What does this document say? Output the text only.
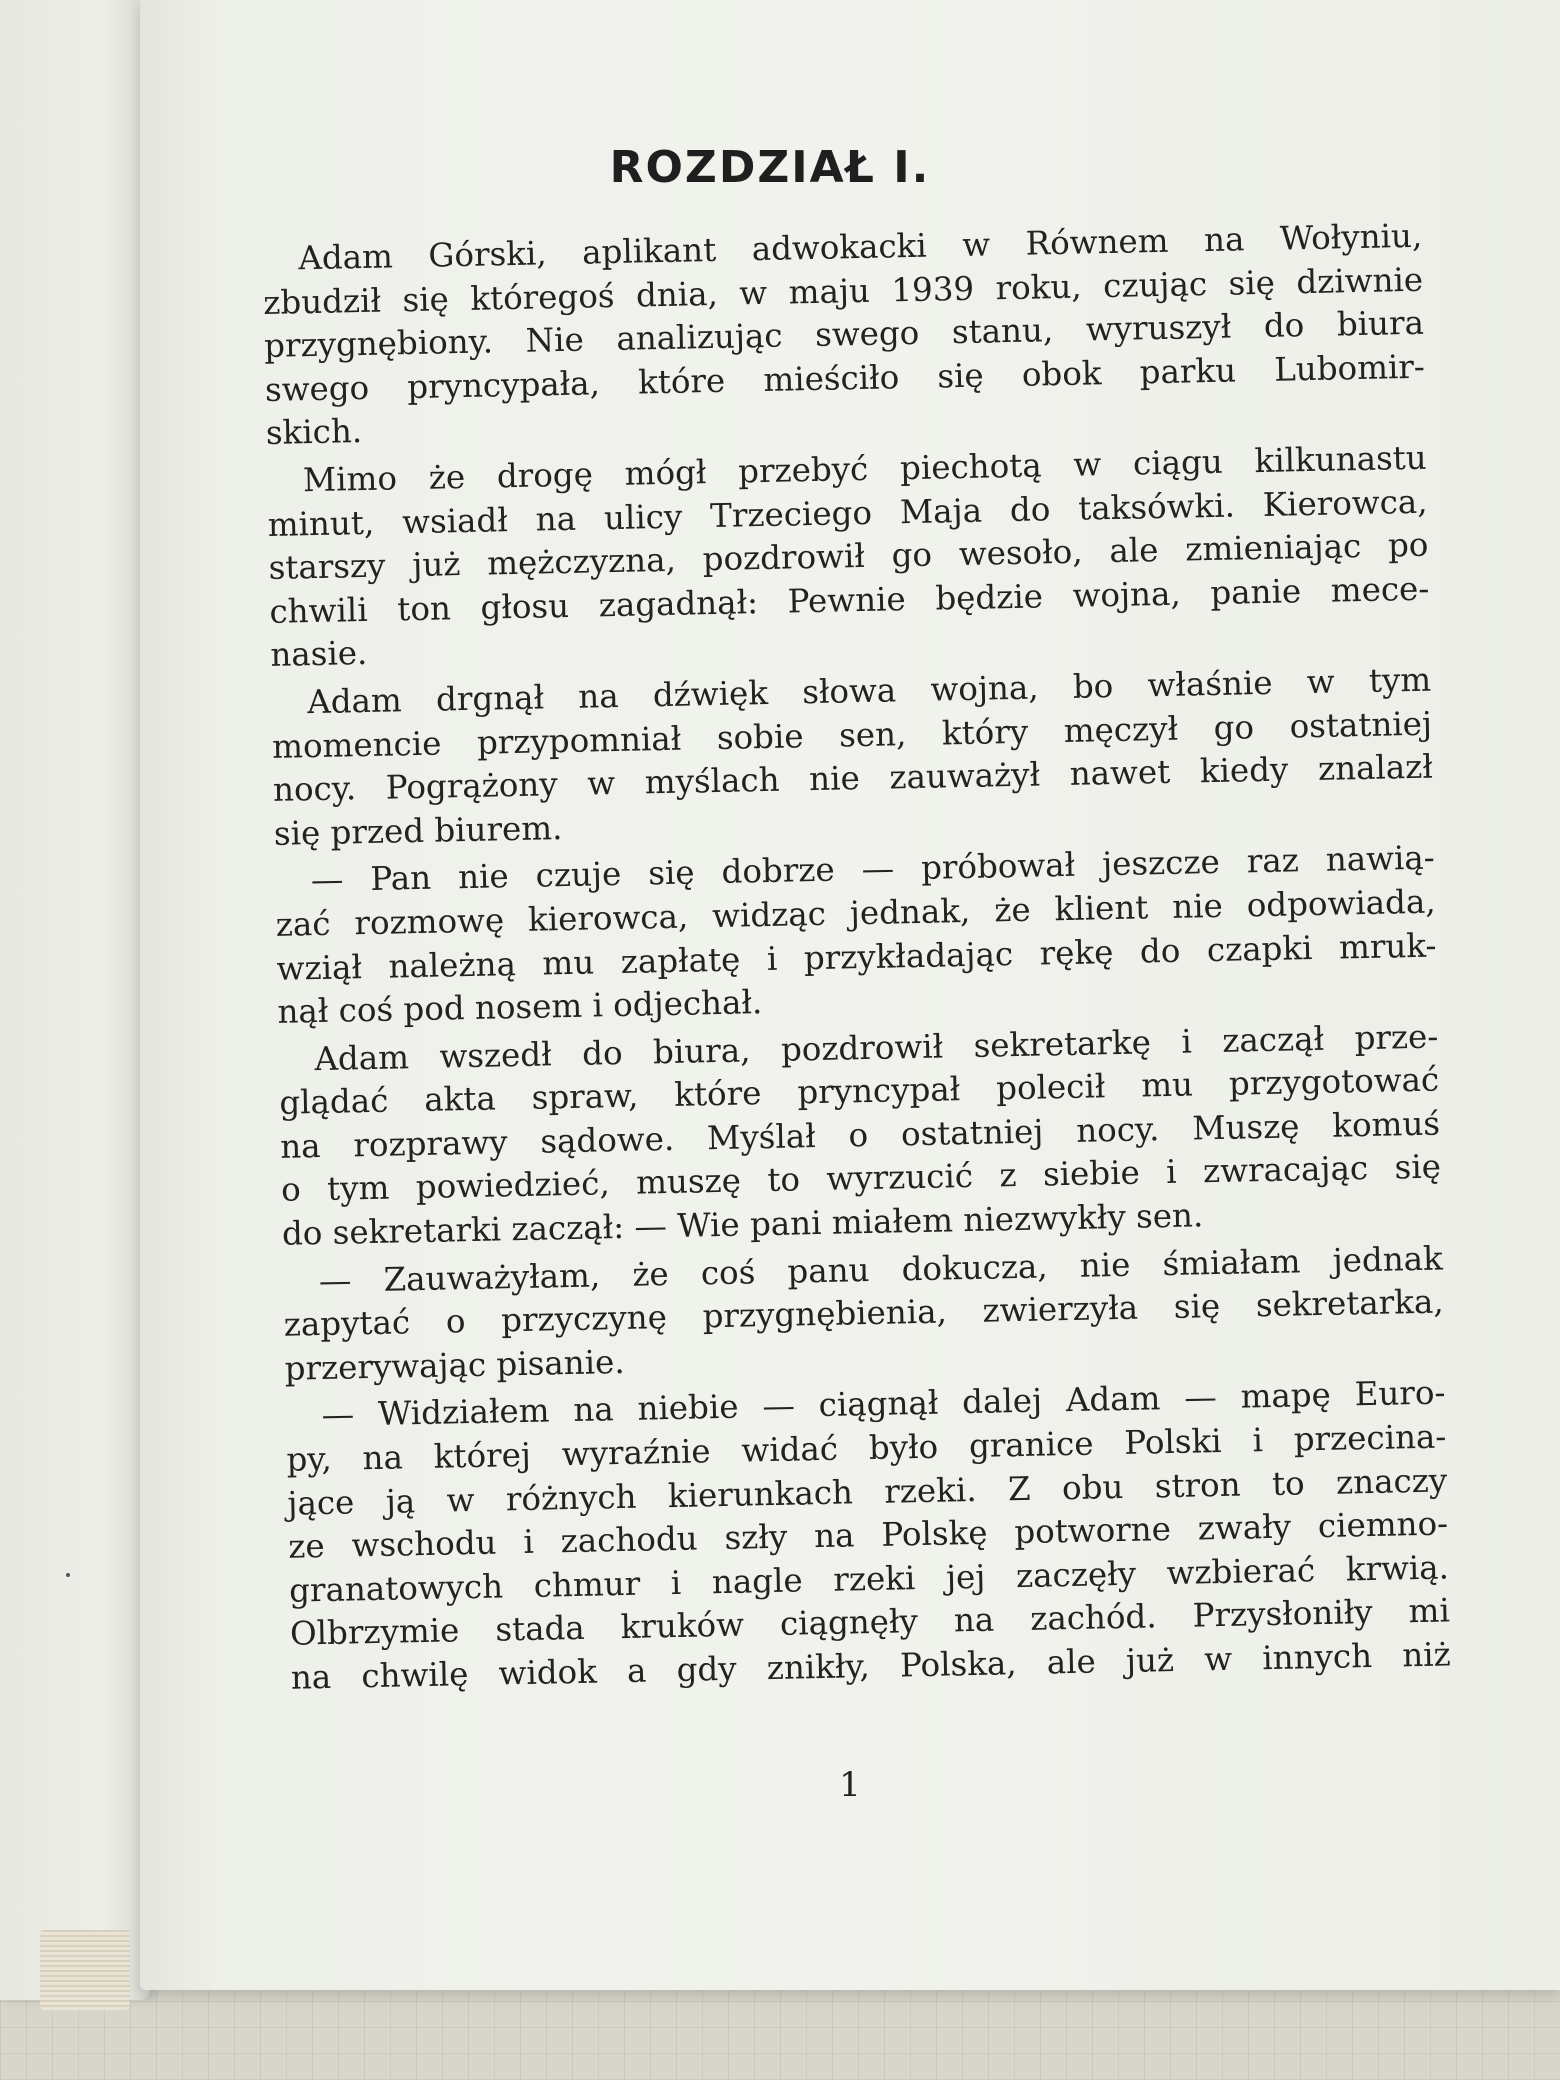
ROZDZIAŁ I.
Adam Górski, aplikant adwokacki w Równem na Wołyniu,
zbudził się któregoś dnia, w maju 1939 roku, czując się dziwnie
przygnębiony. Nie analizując swego stanu, wyruszył do biura
swego pryncypała, które mieściło się obok parku Lubomir-
skich.
Mimo że drogę mógł przebyć piechotą w ciągu kilkunastu
minut, wsiadł na ulicy Trzeciego Maja do taksówki. Kierowca,
starszy już mężczyzna, pozdrowił go wesoło, ale zmieniając po
chwili ton głosu zagadnął: Pewnie będzie wojna, panie mece-
nasie.
Adam drgnął na dźwięk słowa wojna, bo właśnie w tym
momencie przypomniał sobie sen, który męczył go ostatniej
nocy. Pogrążony w myślach nie zauważył nawet kiedy znalazł
się przed biurem.
— Pan nie czuje się dobrze — próbował jeszcze raz nawią-
zać rozmowę kierowca, widząc jednak, że klient nie odpowiada,
wziął należną mu zapłatę i przykładając rękę do czapki mruk-
nął coś pod nosem i odjechał.
Adam wszedł do biura, pozdrowił sekretarkę i zaczął prze-
glądać akta spraw, które pryncypał polecił mu przygotować
na rozprawy sądowe. Myślał o ostatniej nocy. Muszę komuś
o tym powiedzieć, muszę to wyrzucić z siebie i zwracając się
do sekretarki zaczął: — Wie pani miałem niezwykły sen.
— Zauważyłam, że coś panu dokucza, nie śmiałam jednak
zapytać o przyczynę przygnębienia, zwierzyła się sekretarka,
przerywając pisanie.
— Widziałem na niebie — ciągnął dalej Adam — mapę Euro-
py, na której wyraźnie widać było granice Polski i przecina-
jące ją w różnych kierunkach rzeki. Z obu stron to znaczy
ze wschodu i zachodu szły na Polskę potworne zwały ciemno-
granatowych chmur i nagle rzeki jej zaczęły wzbierać krwią.
Olbrzymie stada kruków ciągnęły na zachód. Przysłoniły mi
na chwilę widok a gdy znikły, Polska, ale już w innych niż
1
